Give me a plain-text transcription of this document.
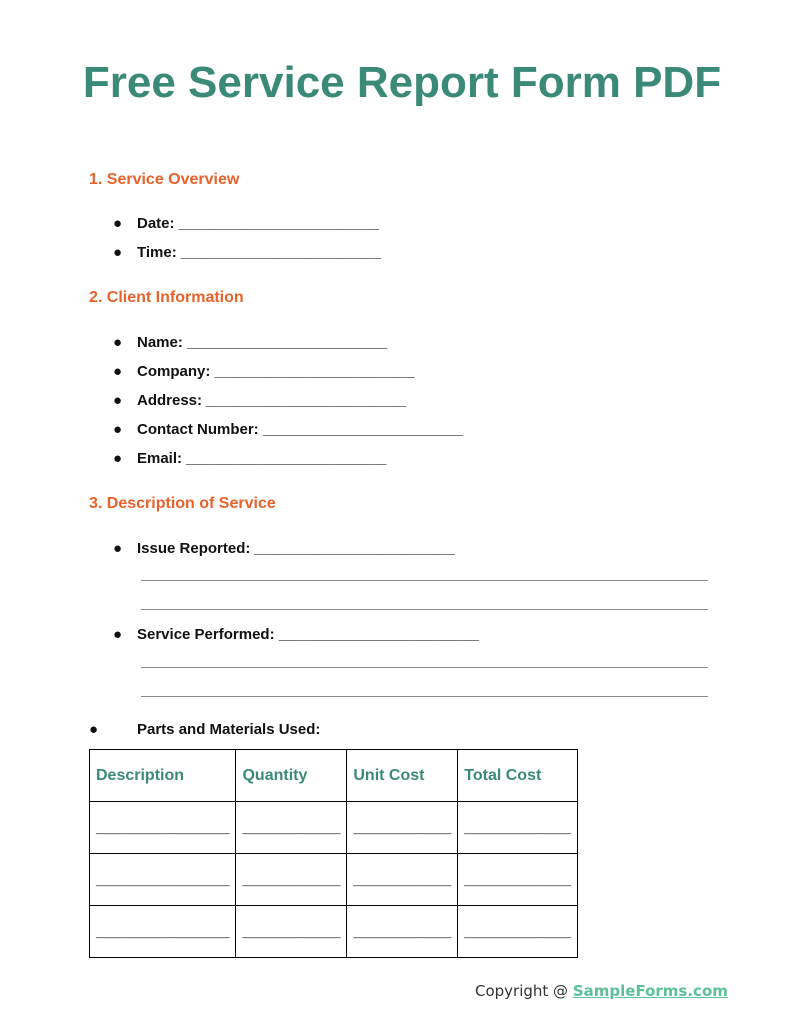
Free Service Report Form PDF
1. Service Overview
● Date: ________________________
● Time: ________________________
2. Client Information
● Name: ________________________
● Company: ________________________
● Address: ________________________
● Contact Number: ________________________
● Email: ________________________
3. Description of Service
● Issue Reported: ________________________
● Service Performed: ________________________
●	Parts and Materials Used:
Description	Quantity	Unit Cost	Total Cost
_______________	___________	___________	____________
_______________	___________	___________	____________
_______________	___________	___________	____________
Copyright @ SampleForms.com
